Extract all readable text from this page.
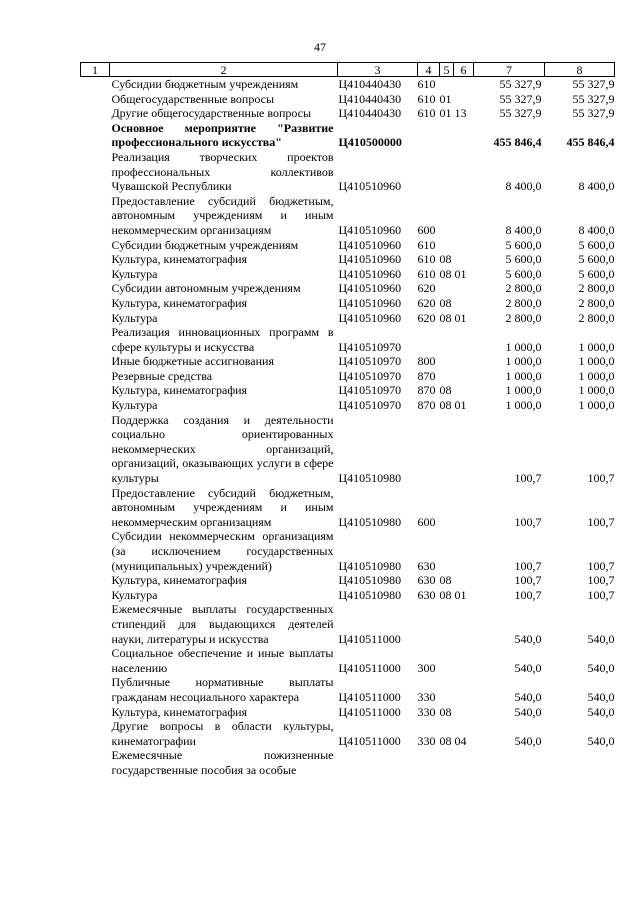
47
1	2	3	4	5	6	7	8
	Субсидии бюджетным учреждениям	Ц410440430	610			55 327,9	55 327,9
	Общегосударственные вопросы	Ц410440430	610	01		55 327,9	55 327,9
	Другие общегосударственные вопросы	Ц410440430	610	01	13	55 327,9	55 327,9
	Основное мероприятие "Развитие профессионального искусства"	Ц410500000				455 846,4	455 846,4
	Реализация творческих проектов профессиональных коллективов Чувашской Республики	Ц410510960				8 400,0	8 400,0
	Предоставление субсидий бюджетным, автономным учреждениям и иным некоммерческим организациям	Ц410510960	600			8 400,0	8 400,0
	Субсидии бюджетным учреждениям	Ц410510960	610			5 600,0	5 600,0
	Культура, кинематография	Ц410510960	610	08		5 600,0	5 600,0
	Культура	Ц410510960	610	08	01	5 600,0	5 600,0
	Субсидии автономным учреждениям	Ц410510960	620			2 800,0	2 800,0
	Культура, кинематография	Ц410510960	620	08		2 800,0	2 800,0
	Культура	Ц410510960	620	08	01	2 800,0	2 800,0
	Реализация инновационных программ в сфере культуры и искусства	Ц410510970				1 000,0	1 000,0
	Иные бюджетные ассигнования	Ц410510970	800			1 000,0	1 000,0
	Резервные средства	Ц410510970	870			1 000,0	1 000,0
	Культура, кинематография	Ц410510970	870	08		1 000,0	1 000,0
	Культура	Ц410510970	870	08	01	1 000,0	1 000,0
	Поддержка создания и деятельности социально ориентированных некоммерческих организаций, организаций, оказывающих услуги в сфере культуры	Ц410510980				100,7	100,7
	Предоставление субсидий бюджетным, автономным учреждениям и иным некоммерческим организациям	Ц410510980	600			100,7	100,7
	Субсидии некоммерческим организациям (за исключением государственных (муниципальных) учреждений)	Ц410510980	630			100,7	100,7
	Культура, кинематография	Ц410510980	630	08		100,7	100,7
	Культура	Ц410510980	630	08	01	100,7	100,7
	Ежемесячные выплаты государственных стипендий для выдающихся деятелей науки, литературы и искусства	Ц410511000				540,0	540,0
	Социальное обеспечение и иные выплаты населению	Ц410511000	300			540,0	540,0
	Публичные нормативные выплаты гражданам несоциального характера	Ц410511000	330			540,0	540,0
	Культура, кинематография	Ц410511000	330	08		540,0	540,0
	Другие вопросы в области культуры, кинематографии	Ц410511000	330	08	04	540,0	540,0
	Ежемесячные пожизненные государственные пособия за особые						
